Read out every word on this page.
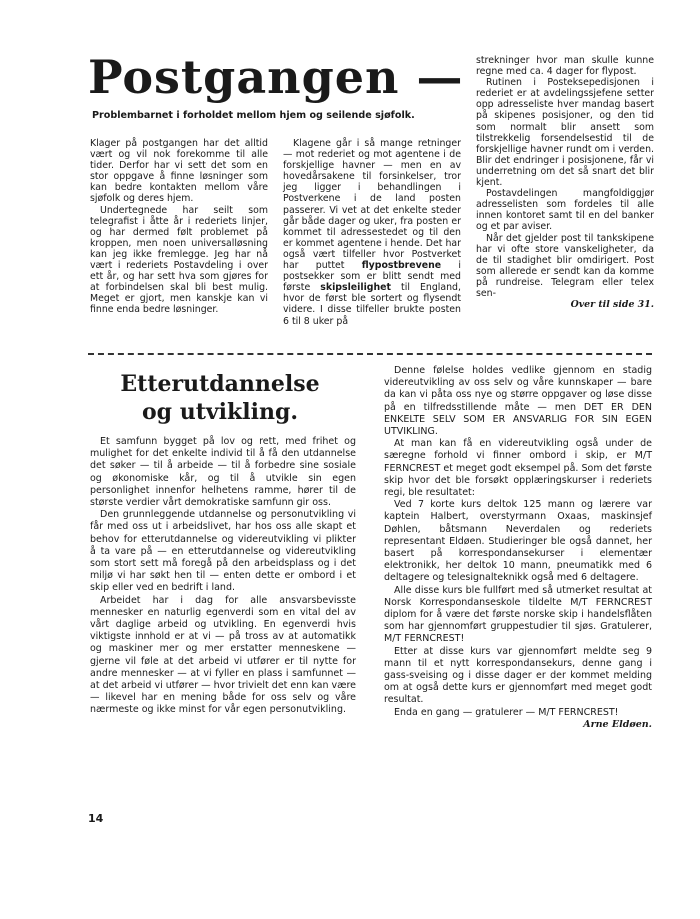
Postgangen —
Problembarnet i forholdet mellom hjem og seilende sjøfolk.

Klager på postgangen har det alltid vært og vil nok forekomme til alle tider. Derfor har vi sett det som en stor oppgave å finne løsninger som kan bedre kontakten mellom våre sjøfolk og deres hjem.

Undertegnede har seilt som telegrafist i åtte år i rederiets linjer, og har dermed følt problemet på kroppen, men noen universalløsning kan jeg ikke fremlegge. Jeg har nå vært i rederiets Postavdeling i over ett år, og har sett hva som gjøres for at forbindelsen skal bli best mulig. Meget er gjort, men kanskje kan vi finne enda bedre løsninger.

Klagene går i så mange retninger — mot rederiet og mot agentene i de forskjellige havner — men en av hovedårsakene til forsinkelser, tror jeg ligger i behandlingen i Postverkene i de land posten passerer. Vi vet at det enkelte steder går både dager og uker, fra posten er kommet til adressestedet og til den er kommet agentene i hende. Det har også vært tilfeller hvor Postverket har puttet flypostbrevene i postsekker som er blitt sendt med første skipsleilighet til England, hvor de først ble sortert og flysendt videre. I disse tilfeller brukte posten 6 til 8 uker på

strekninger hvor man skulle kunne regne med ca. 4 dager for flypost.

Rutinen i Posteksepedisjonen i rederiet er at avdelingssjefene setter opp adresseliste hver mandag basert på skipenes posisjoner, og den tid som normalt blir ansett som tilstrekkelig forsendelsestid til de forskjellige havner rundt om i verden. Blir det endringer i posisjonene, får vi underretning om det så snart det blir kjent.

Postavdelingen mangfoldiggjør adresselisten som fordeles til alle innen kontoret samt til en del banker og et par aviser.

Når det gjelder post til tankskipene har vi ofte store vanskeligheter, da de til stadighet blir omdirigert. Post som allerede er sendt kan da komme på rundreise. Telegram eller telex sen-

Over til side 31.
Etterutdannelse og utvikling.

Et samfunn bygget på lov og rett, med frihet og mulighet for det enkelte individ til å få den utdannelse det søker — til å arbeide — til å forbedre sine sosiale og økonomiske kår, og til å utvikle sin egen personlighet innenfor helhetens ramme, hører til de største verdier vårt demokratiske samfunn gir oss.

Den grunnleggende utdannelse og personutvikling vi får med oss ut i arbeidslivet, har hos oss alle skapt et behov for etterutdannelse og videreutvikling vi plikter å ta vare på — en etterutdannelse og videreutvikling som stort sett må foregå på den arbeidsplass og i det miljø vi har søkt hen til — enten dette er ombord i et skip eller ved en bedrift i land.

Arbeidet har i dag for alle ansvarsbevisste mennesker en naturlig egenverdi som en vital del av vårt daglige arbeid og utvikling. En egenverdi hvis viktigste innhold er at vi — på tross av at automatikk og maskiner mer og mer erstatter menneskene — gjerne vil føle at det arbeid vi utfører er til nytte for andre mennesker — at vi fyller en plass i samfunnet — at det arbeid vi utfører — hvor trivielt det enn kan være — likevel har en mening både for oss selv og våre nærmeste og ikke minst for vår egen personutvikling.

Denne følelse holdes vedlike gjennom en stadig videreutvikling av oss selv og våre kunnskaper — bare da kan vi påta oss nye og større oppgaver og løse disse på en tilfredsstillende måte — men DET ER DEN ENKELTE SELV SOM ER ANSVARLIG FOR SIN EGEN UTVIKLING.

At man kan få en videreutvikling også under de særegne forhold vi finner ombord i skip, er M/T FERNCREST et meget godt eksempel på. Som det første skip hvor det ble forsøkt opplæringskurser i rederiets regi, ble resultatet:

Ved 7 korte kurs deltok 125 mann og lærere var kaptein Halbert, overstyrmann Oxaas, maskinsjef Døhlen, båtsmann Neverdalen og rederiets representant Eldøen. Studieringer ble også dannet, her basert på korrespondansekurser i elementær elektronikk, her deltok 10 mann, pneumatikk med 6 deltagere og telesignalteknikk også med 6 deltagere.

Alle disse kurs ble fullført med så utmerket resultat at Norsk Korrespondanseskole tildelte M/T FERNCREST diplom for å være det første norske skip i handelsflåten som har gjennomført gruppestudier til sjøs. Gratulerer, M/T FERNCREST!

Etter at disse kurs var gjennomført meldte seg 9 mann til et nytt korrespondansekurs, denne gang i gass-sveising og i disse dager er der kommet melding om at også dette kurs er gjennomført med meget godt resultat.

Enda en gang — gratulerer — M/T FERNCREST!

Arne Eldøen.
14
